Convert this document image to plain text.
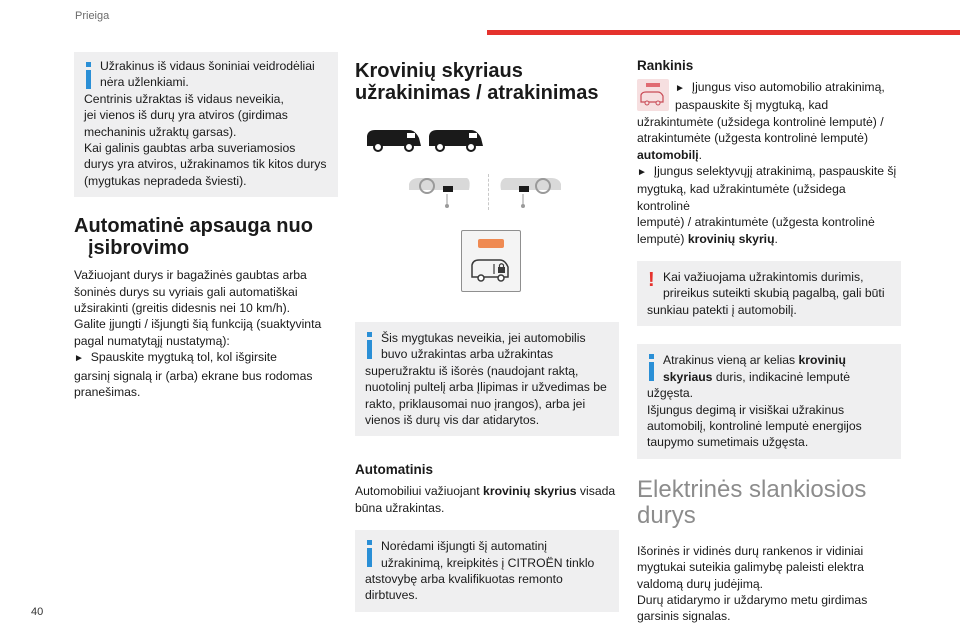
Prieiga

Užrakinus iš vidaus šoniniai veidrodėliai

nėra užlenkiami.

Centrinis užraktas iš vidaus neveikia,

jei vienos iš durų yra atviros (girdimas

mechaninis užraktų garsas).

Kai galinis gaubtas arba suveriamosios

durys yra atviros, užrakinamos tik kitos durys

(mygtukas nepradeda šviesti).

Automatinė apsauga nuo
įsibrovimo

Važiuojant durys ir bagažinės gaubtas arba

šoninės durys su vyriais gali automatiškai

užsirakinti (greitis didesnis nei 10 km/h).

Galite įjungti / išjungti šią funkciją (suaktyvinta

pagal numatytąjį nustatymą):

► Spauskite mygtuką tol, kol išgirsite

garsinį signalą ir (arba) ekrane bus rodomas

pranešimas.

Krovinių skyriaus
užrakinimas / atrakinimas

Šis mygtukas neveikia, jei automobilis

buvo užrakintas arba užrakintas

superužraktu iš išorės (naudojant raktą,

nuotolinį pultelį arba Įlipimas ir užvedimas be

rakto, priklausomai nuo įrangos), arba jei

vienos iš durų vis dar atidarytos.

Automatinis

Automobiliui važiuojant krovinių skyrius visada

būna užrakintas.

Norėdami išjungti šį automatinį

užrakinimą, kreipkitės į CITROËN tinklo

atstovybę arba kvalifikuotas remonto

dirbtuves.

Rankinis

► Įjungus viso automobilio atrakinimą,

paspauskite šį mygtuką, kad

užrakintumėte (užsidega kontrolinė lemputė) /

atrakintumėte (užgesta kontrolinė lemputė)

automobilį.

► Įjungus selektyvųjį atrakinimą, paspauskite šį

mygtuką, kad užrakintumėte (užsidega kontrolinė

lemputė) / atrakintumėte (užgesta kontrolinė

lemputė) krovinių skyrių.

! Kai važiuojama užrakintomis durimis,

prireikus suteikti skubią pagalbą, gali būti

sunkiau patekti į automobilį.

Atrakinus vieną ar kelias krovinių

skyriaus duris, indikacinė lemputė

užgęsta.

Išjungus degimą ir visiškai užrakinus

automobilį, kontrolinė lemputė energijos

taupymo sumetimais užgęsta.

Elektrinės slankiosios
durys

Išorinės ir vidinės durų rankenos ir vidiniai

mygtukai suteikia galimybę paleisti elektra

valdomą durų judėjimą.

Durų atidarymo ir uždarymo metu girdimas

garsinis signalas.

40
